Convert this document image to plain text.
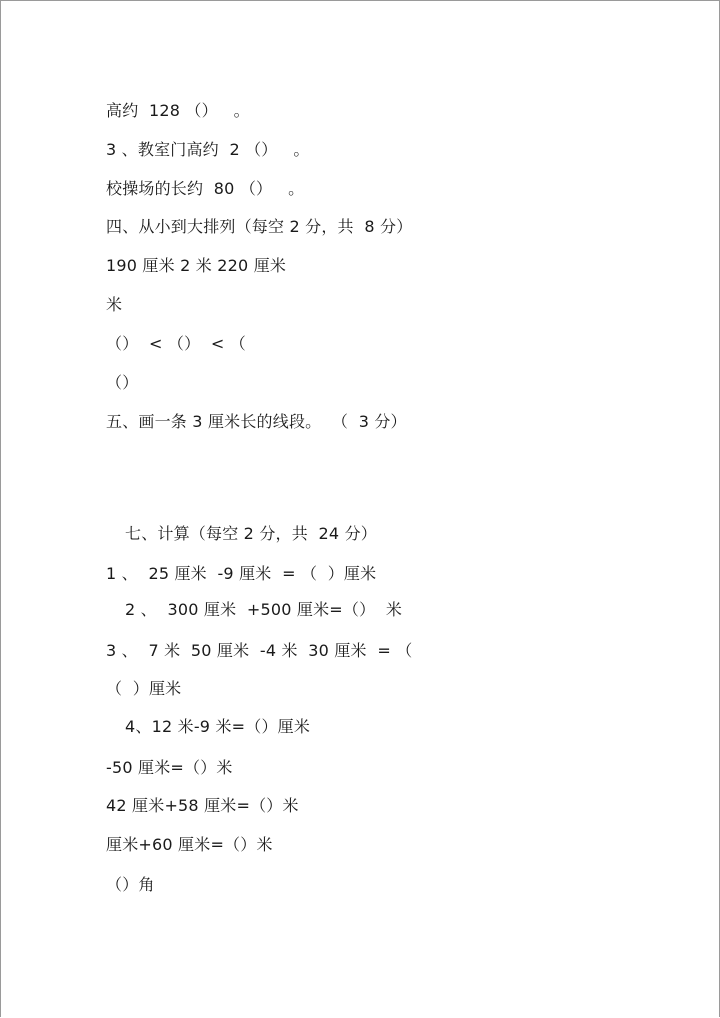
高约  128 （）   。
3 、教室门高约  2 （）   。
校操场的长约  80 （）   。
四、从小到大排列（每空 2 分，共  8 分）
190 厘米 2 米 220 厘米
米
（）  < （）  < （
（）
五、画一条 3 厘米长的线段。  （  3 分）
七、计算（每空 2 分，共  24 分）
1 、  25 厘米  -9 厘米  = （  ）厘米
2 、  300 厘米  +500 厘米=（）  米
3 、  7 米  50 厘米  -4 米  30 厘米  = （
（  ）厘米
4、12 米-9 米=（）厘米
-50 厘米=（）米
42 厘米+58 厘米=（）米
厘米+60 厘米=（）米
（）角
